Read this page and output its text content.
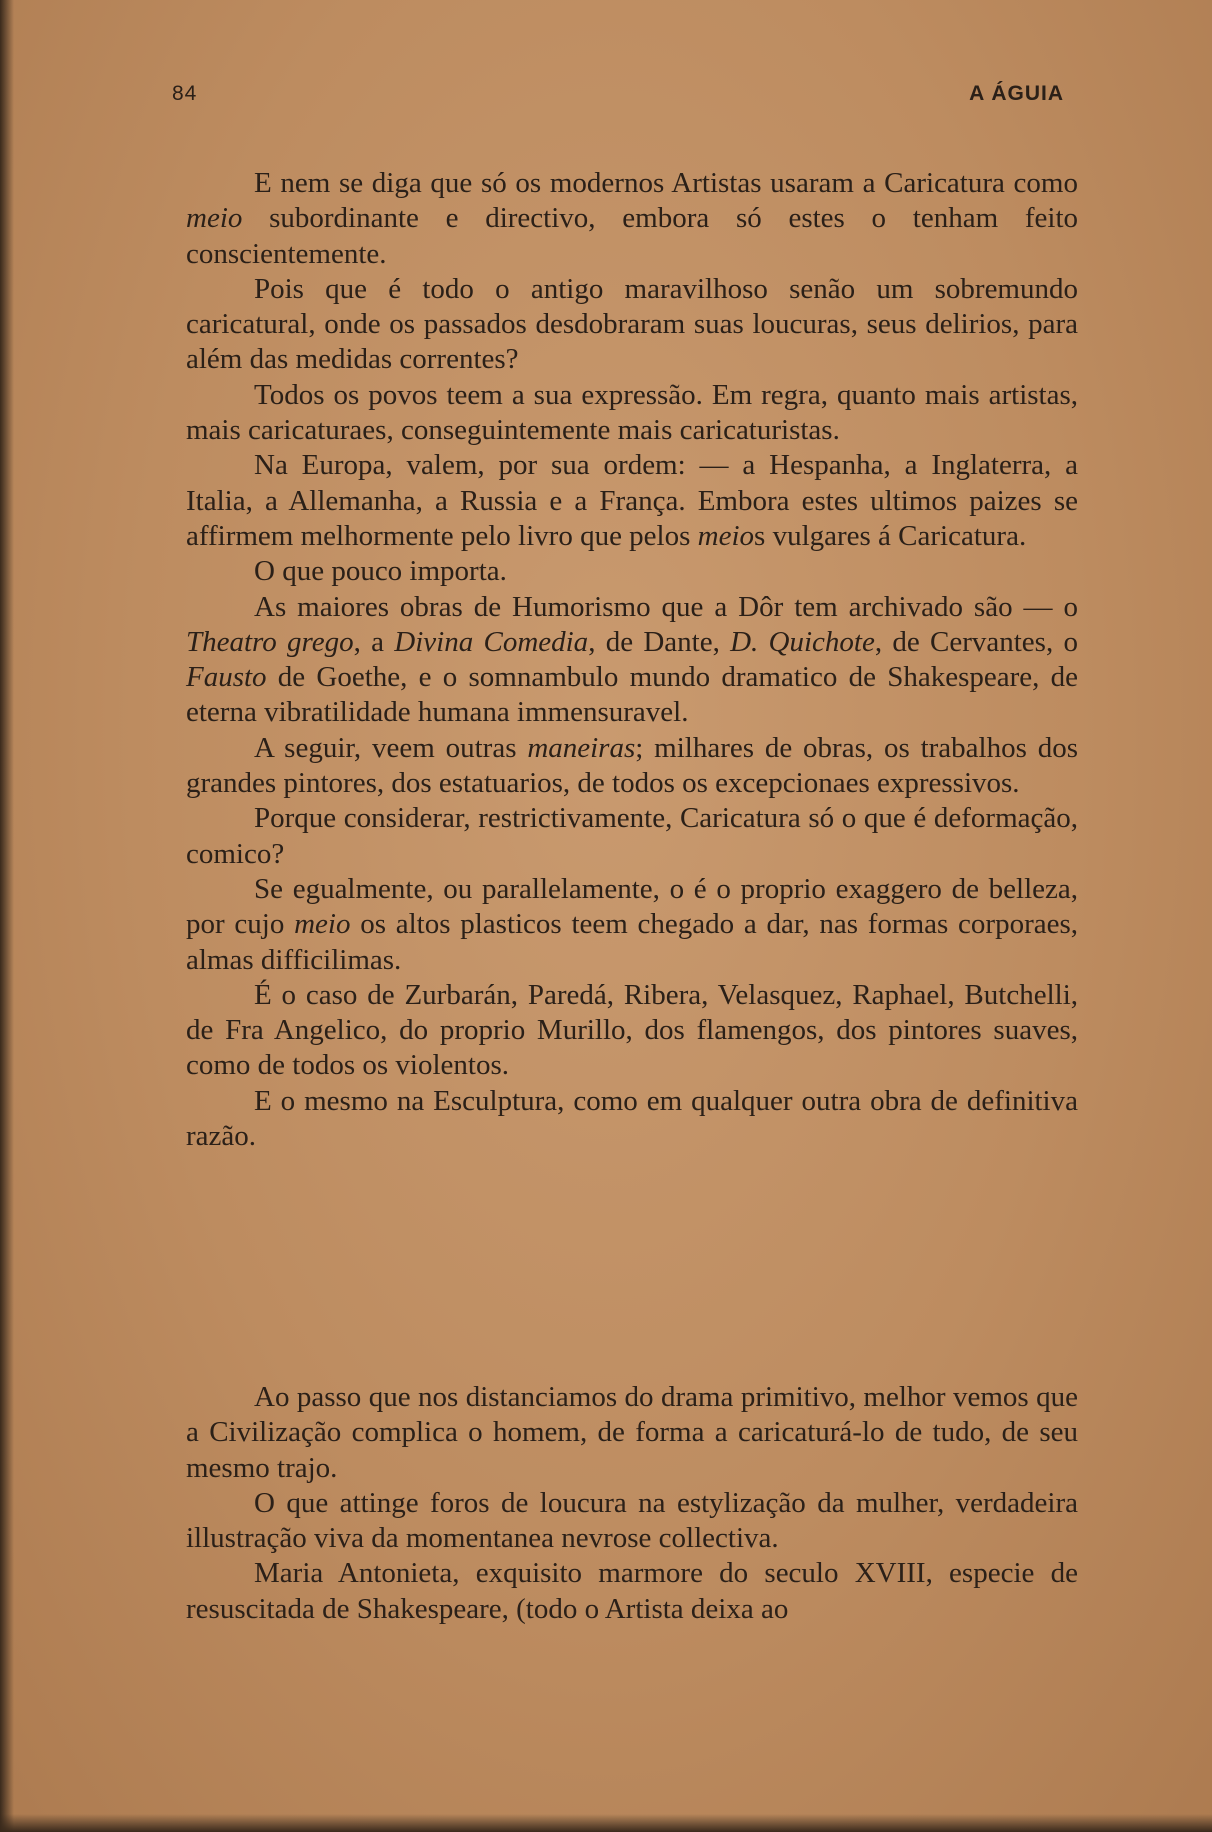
84	A ÁGUIA

E nem se diga que só os modernos Artistas usaram a Caricatura como meio subordinante e directivo, embora só estes o tenham feito conscientemente.

Pois que é todo o antigo maravilhoso senão um sobremundo caricatural, onde os passados desdobraram suas loucuras, seus delirios, para além das medidas correntes?

Todos os povos teem a sua expressão. Em regra, quanto mais artistas, mais caricaturaes, conseguintemente mais caricaturistas.

Na Europa, valem, por sua ordem: — a Hespanha, a Inglaterra, a Italia, a Allemanha, a Russia e a França. Embora estes ultimos paizes se affirmem melhormente pelo livro que pelos meios vulgares á Caricatura.

O que pouco importa.

As maiores obras de Humorismo que a Dôr tem archivado são — o Theatro grego, a Divina Comedia, de Dante, D. Quichote, de Cervantes, o Fausto de Goethe, e o somnambulo mundo dramatico de Shakespeare, de eterna vibratilidade humana immensuravel.

A seguir, veem outras maneiras; milhares de obras, os trabalhos dos grandes pintores, dos estatuarios, de todos os excepcionaes expressivos.

Porque considerar, restrictivamente, Caricatura só o que é deformação, comico?

Se egualmente, ou parallelamente, o é o proprio exaggero de belleza, por cujo meio os altos plasticos teem chegado a dar, nas formas corporaes, almas difficilimas.

É o caso de Zurbarán, Paredá, Ribera, Velasquez, Raphael, Butchelli, de Fra Angelico, do proprio Murillo, dos flamengos, dos pintores suaves, como de todos os violentos.

E o mesmo na Esculptura, como em qualquer outra obra de definitiva razão.

Ao passo que nos distanciamos do drama primitivo, melhor vemos que a Civilização complica o homem, de forma a caricaturá-lo de tudo, de seu mesmo trajo.

O que attinge foros de loucura na estylização da mulher, verdadeira illustração viva da momentanea nevrose collectiva.

Maria Antonieta, exquisito marmore do seculo XVIII, especie de resuscitada de Shakespeare, (todo o Artista deixa ao
